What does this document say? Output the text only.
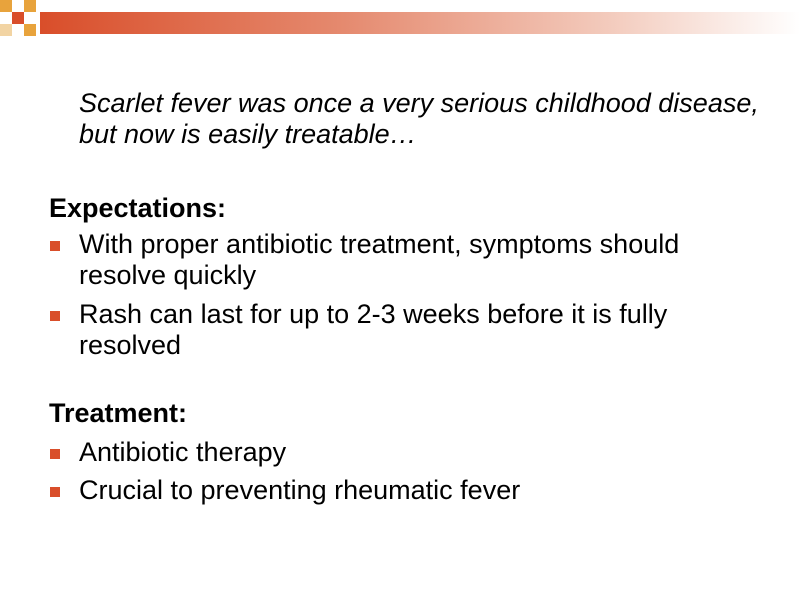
Scarlet fever was once a very serious childhood disease, but now is easily treatable…
Expectations:
With proper antibiotic treatment, symptoms should resolve quickly
Rash can last for up to 2-3 weeks before it is fully resolved
Treatment:
Antibiotic therapy
Crucial to preventing rheumatic fever
